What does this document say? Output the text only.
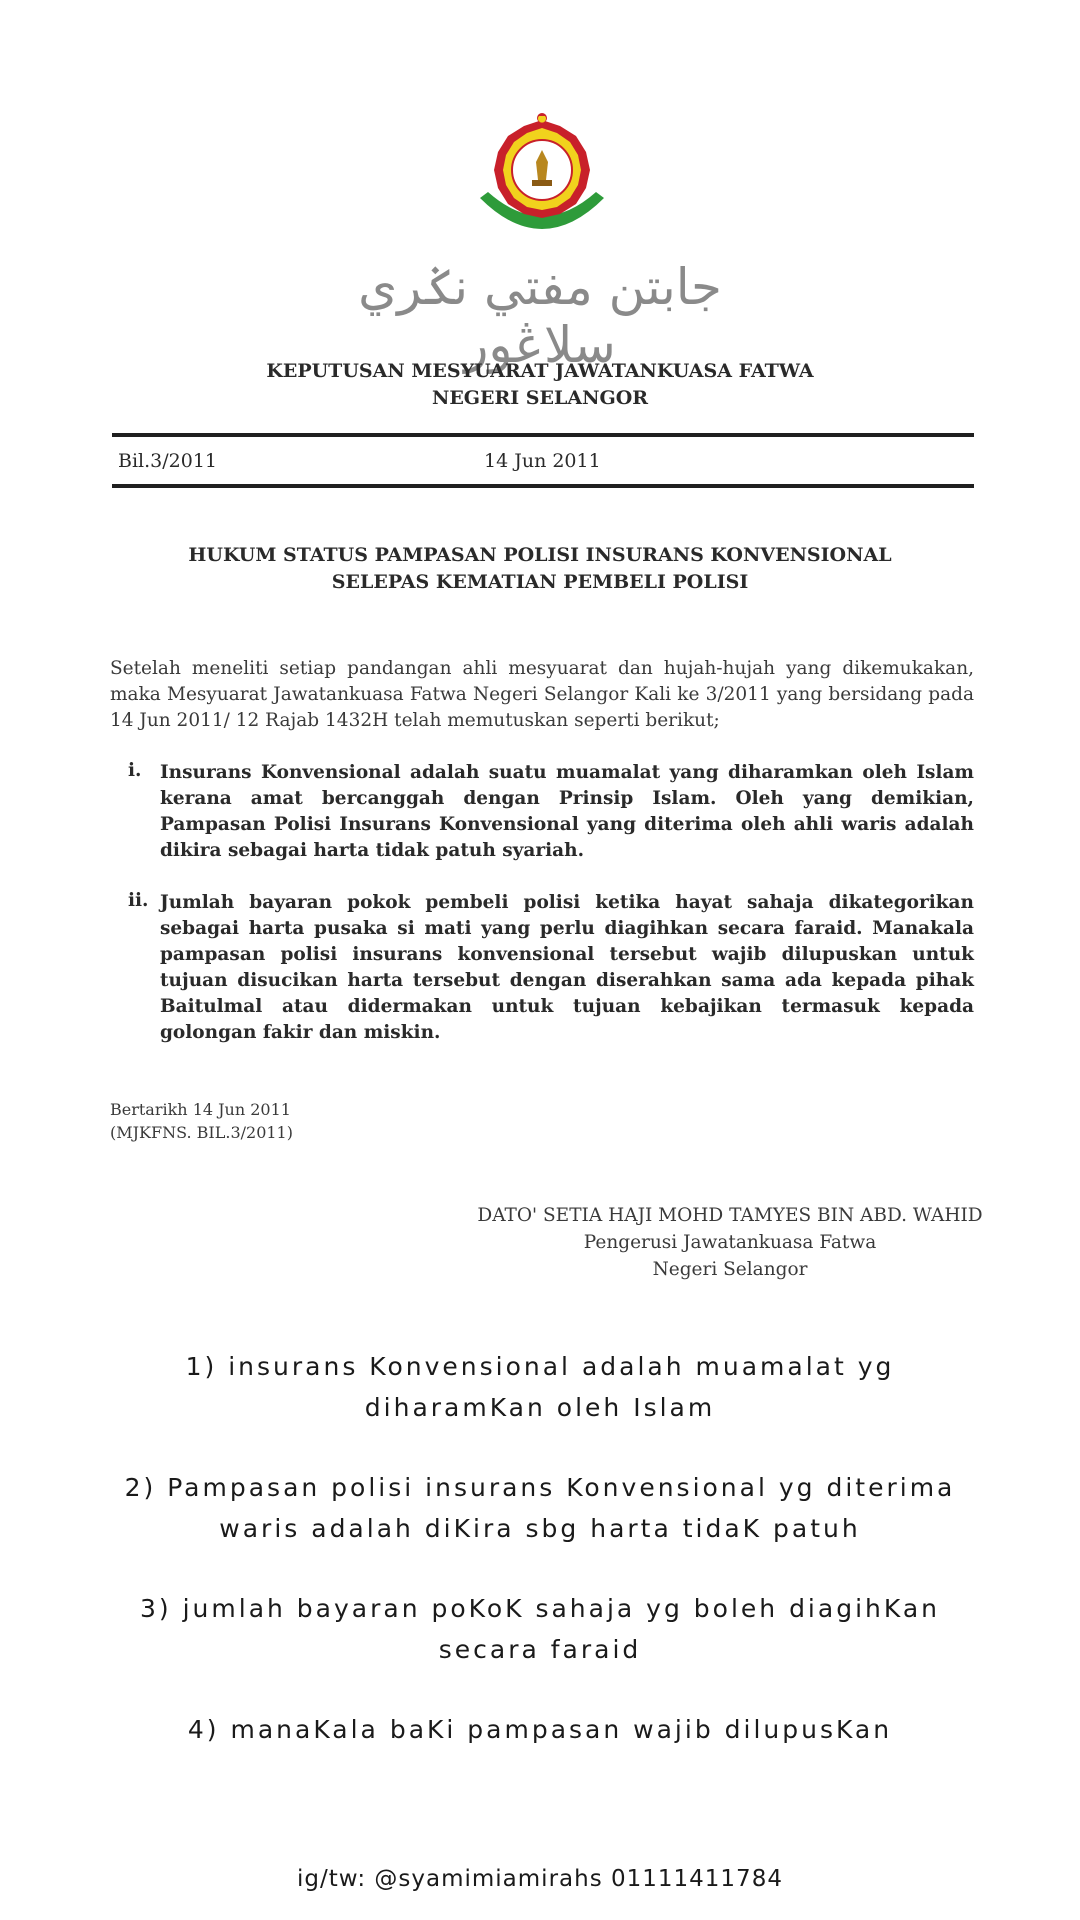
جابتن مفتي نݢري سلاڠور
KEPUTUSAN MESYUARAT JAWATANKUASA FATWA
NEGERI SELANGOR
Bil.3/2011	14 Jun 2011
HUKUM STATUS PAMPASAN POLISI INSURANS KONVENSIONAL
SELEPAS KEMATIAN PEMBELI POLISI
Setelah meneliti setiap pandangan ahli mesyuarat dan hujah-hujah yang dikemukakan, maka Mesyuarat Jawatankuasa Fatwa Negeri Selangor Kali ke 3/2011 yang bersidang pada 14 Jun 2011/ 12 Rajab 1432H telah memutuskan seperti berikut;
i. Insurans Konvensional adalah suatu muamalat yang diharamkan oleh Islam kerana amat bercanggah dengan Prinsip Islam. Oleh yang demikian, Pampasan Polisi Insurans Konvensional yang diterima oleh ahli waris adalah dikira sebagai harta tidak patuh syariah.
ii. Jumlah bayaran pokok pembeli polisi ketika hayat sahaja dikategorikan sebagai harta pusaka si mati yang perlu diagihkan secara faraid. Manakala pampasan polisi insurans konvensional tersebut wajib dilupuskan untuk tujuan disucikan harta tersebut dengan diserahkan sama ada kepada pihak Baitulmal atau didermakan untuk tujuan kebajikan termasuk kepada golongan fakir dan miskin.
Bertarikh 14 Jun 2011
(MJKFNS. BIL.3/2011)
DATO' SETIA HAJI MOHD TAMYES BIN ABD. WAHID
Pengerusi Jawatankuasa Fatwa
Negeri Selangor

1) insurans Konvensional adalah muamalat yg

diharamKan oleh Islam

2) Pampasan polisi insurans Konvensional yg diterima

waris adalah diKira sbg harta tidaK patuh

3) jumlah bayaran poKoK sahaja yg boleh diagihKan

secara faraid

4) manaKala baKi pampasan wajib dilupusKan

ig/tw: @syamimiamirahs 01111411784
